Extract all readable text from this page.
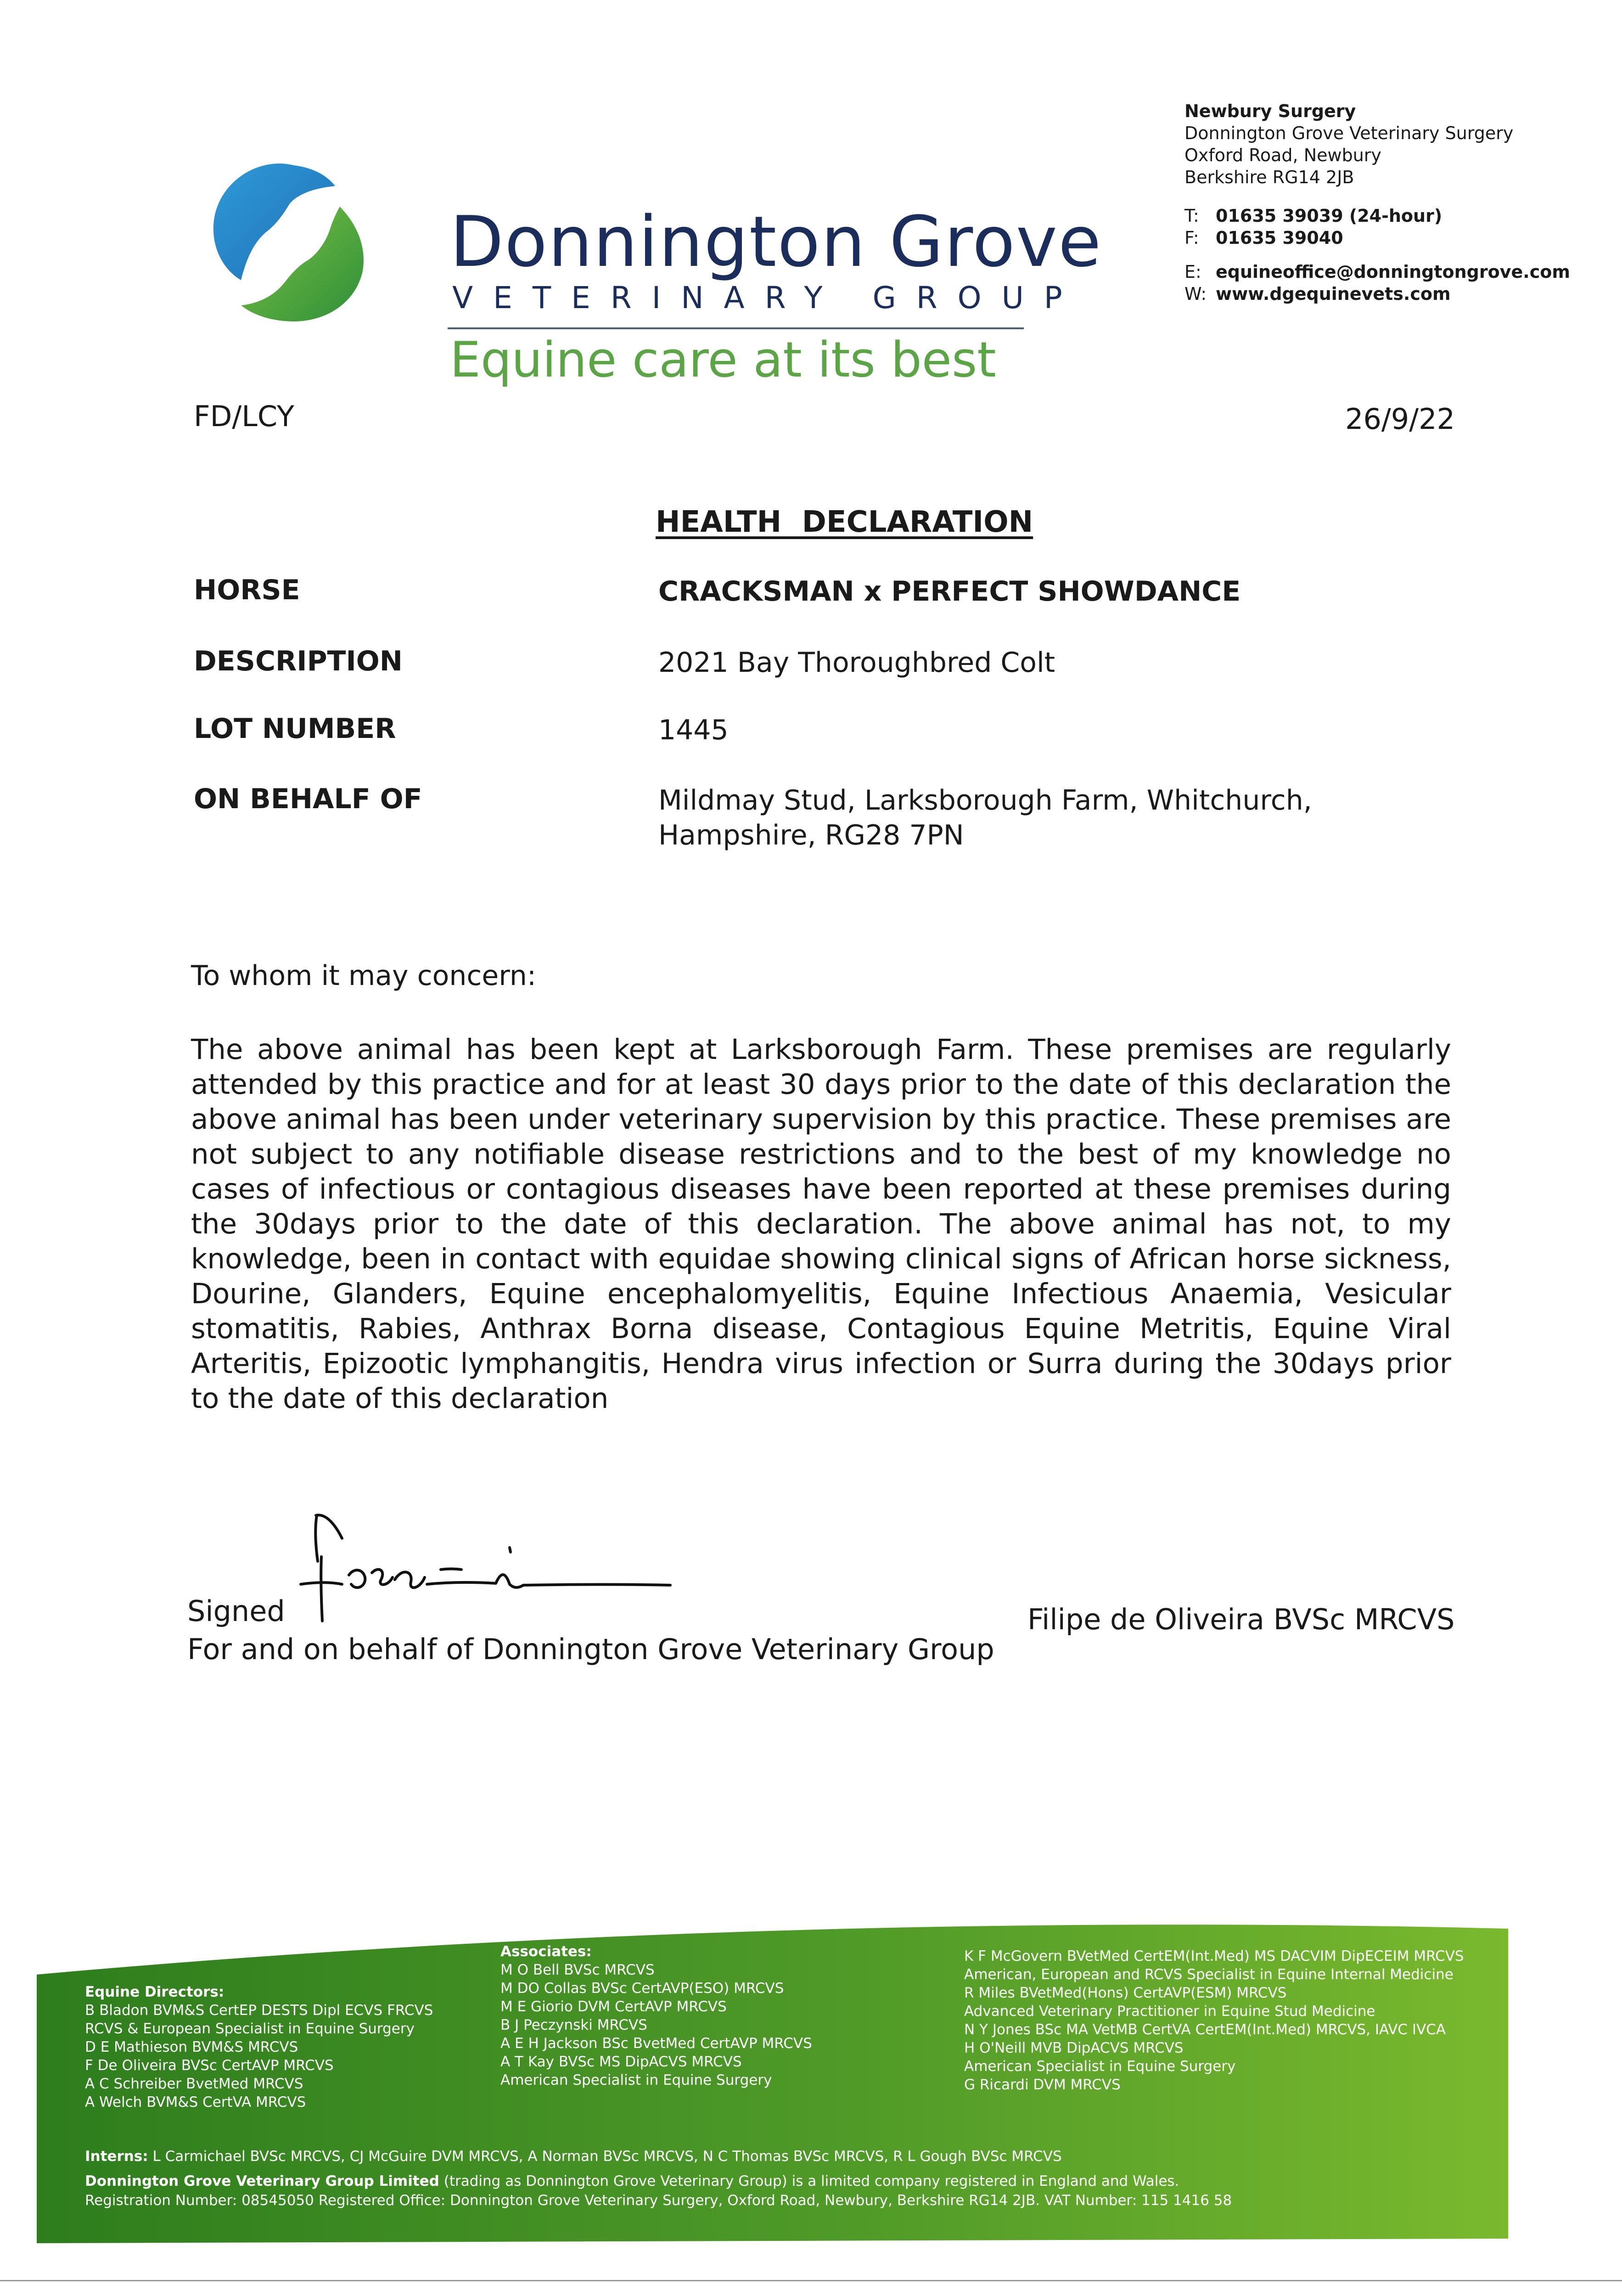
Donnington Grove
VETERINARY GROUP
Equine care at its best
Newbury Surgery
Donnington Grove Veterinary Surgery
Oxford Road, Newbury
Berkshire RG14 2JB
T: 01635 39039 (24-hour)
F: 01635 39040
E: equineoffice@donningtongrove.com
W: www.dgequinevets.com
FD/LCY	26/9/22
HEALTH  DECLARATION
HORSE	CRACKSMAN x PERFECT SHOWDANCE
DESCRIPTION	2021 Bay Thoroughbred Colt
LOT NUMBER	1445
ON BEHALF OF	Mildmay Stud, Larksborough Farm, Whitchurch,
Hampshire, RG28 7PN
To whom it may concern:
The above animal has been kept at Larksborough Farm. These premises are regularly attended by this practice and for at least 30 days prior to the date of this declaration the above animal has been under veterinary supervision by this practice. These premises are not subject to any notifiable disease restrictions and to the best of my knowledge no cases of infectious or contagious diseases have been reported at these premises during the 30days prior to the date of this declaration. The above animal has not, to my knowledge, been in contact with equidae showing clinical signs of African horse sickness, Dourine, Glanders, Equine encephalomyelitis, Equine Infectious Anaemia, Vesicular stomatitis, Rabies, Anthrax Borna disease, Contagious Equine Metritis, Equine Viral Arteritis, Epizootic lymphangitis, Hendra virus infection or Surra during the 30days prior to the date of this declaration
Signed
For and on behalf of Donnington Grove Veterinary Group
Filipe de Oliveira BVSc MRCVS
Equine Directors:
B Bladon BVM&S CertEP DESTS Dipl ECVS FRCVS
RCVS & European Specialist in Equine Surgery
D E Mathieson BVM&S MRCVS
F De Oliveira BVSc CertAVP MRCVS
A C Schreiber BvetMed MRCVS
A Welch BVM&S CertVA MRCVS
Associates:
M O Bell BVSc MRCVS
M DO Collas BVSc CertAVP(ESO) MRCVS
M E Giorio DVM CertAVP MRCVS
B J Peczynski MRCVS
A E H Jackson BSc BvetMed CertAVP MRCVS
A T Kay BVSc MS DipACVS MRCVS
American Specialist in Equine Surgery
K F McGovern BVetMed CertEM(Int.Med) MS DACVIM DipECEIM MRCVS
American, European and RCVS Specialist in Equine Internal Medicine
R Miles BVetMed(Hons) CertAVP(ESM) MRCVS
Advanced Veterinary Practitioner in Equine Stud Medicine
N Y Jones BSc MA VetMB CertVA CertEM(Int.Med) MRCVS, IAVC IVCA
H O'Neill MVB DipACVS MRCVS
American Specialist in Equine Surgery
G Ricardi DVM MRCVS
Interns: L Carmichael BVSc MRCVS, CJ McGuire DVM MRCVS, A Norman BVSc MRCVS, N C Thomas BVSc MRCVS, R L Gough BVSc MRCVS
Donnington Grove Veterinary Group Limited (trading as Donnington Grove Veterinary Group) is a limited company registered in England and Wales.
Registration Number: 08545050 Registered Office: Donnington Grove Veterinary Surgery, Oxford Road, Newbury, Berkshire RG14 2JB. VAT Number: 115 1416 58
